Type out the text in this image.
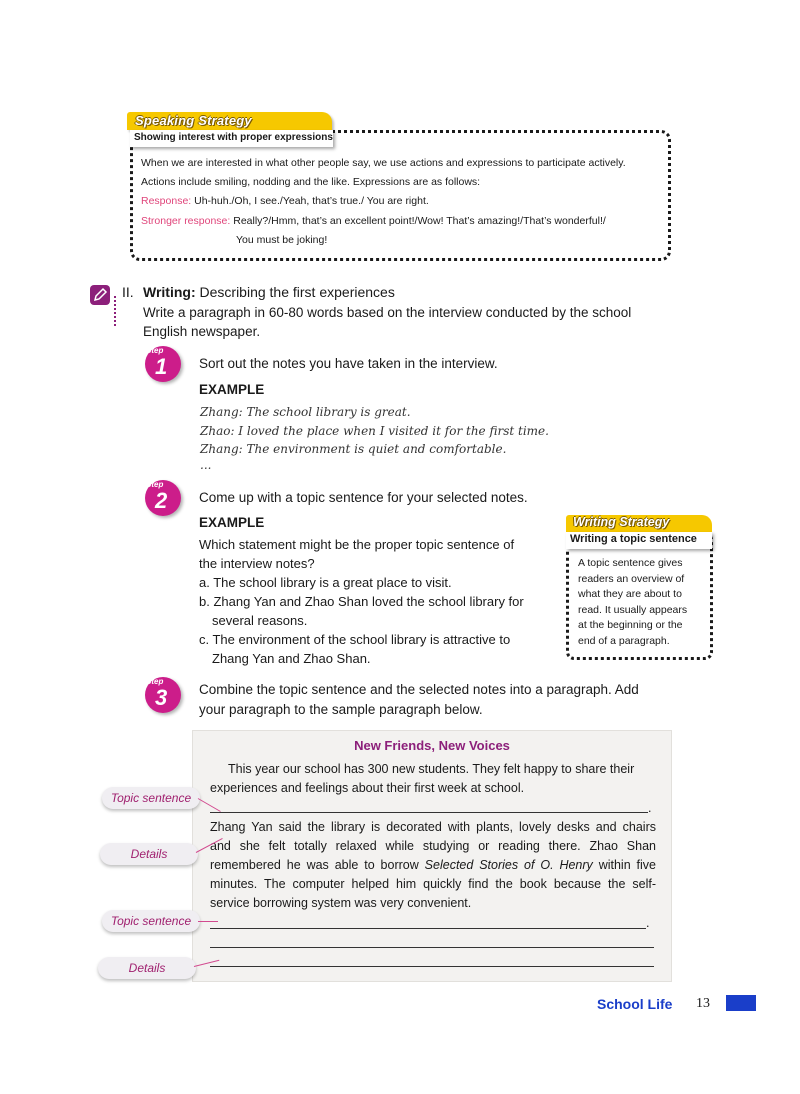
Speaking Strategy
Showing interest with proper expressions
When we are interested in what other people say, we use actions and expressions to participate actively.
Actions include smiling, nodding and the like. Expressions are as follows:
Response: Uh-huh./Oh, I see./Yeah, that’s true./ You are right.
Stronger response: Really?/Hmm, that’s an excellent point!/Wow! That’s amazing!/That’s wonderful!/
You must be joking!
II. Writing: Describing the first experiences
Write a paragraph in 60-80 words based on the interview conducted by the school
English newspaper.
Step
1 Sort out the notes you have taken in the interview.
EXAMPLE
Zhang: The school library is great.
Zhao: I loved the place when I visited it for the first time.
Zhang: The environment is quiet and comfortable.
...
Step
2 Come up with a topic sentence for your selected notes.
EXAMPLE
Which statement might be the proper topic sentence of
the interview notes?
a. The school library is a great place to visit.
b. Zhang Yan and Zhao Shan loved the school library for
several reasons.
c. The environment of the school library is attractive to
Zhang Yan and Zhao Shan.
Writing Strategy
Writing a topic sentence
A topic sentence gives
readers an overview of
what they are about to
read. It usually appears
at the beginning or the
end of a paragraph.
Step
3 Combine the topic sentence and the selected notes into a paragraph. Add
your paragraph to the sample paragraph below.
New Friends, New Voices
This year our school has 300 new students. They felt happy to share their
experiences and feelings about their first week at school.
.
Zhang Yan said the library is decorated with plants, lovely desks and chairs
and she felt totally relaxed while studying or reading there. Zhao Shan
remembered he was able to borrow Selected Stories of O. Henry within five
minutes. The computer helped him quickly find the book because the self-
service borrowing system was very convenient.
.
Topic sentence
Details
Topic sentence
Details
School Life 13
